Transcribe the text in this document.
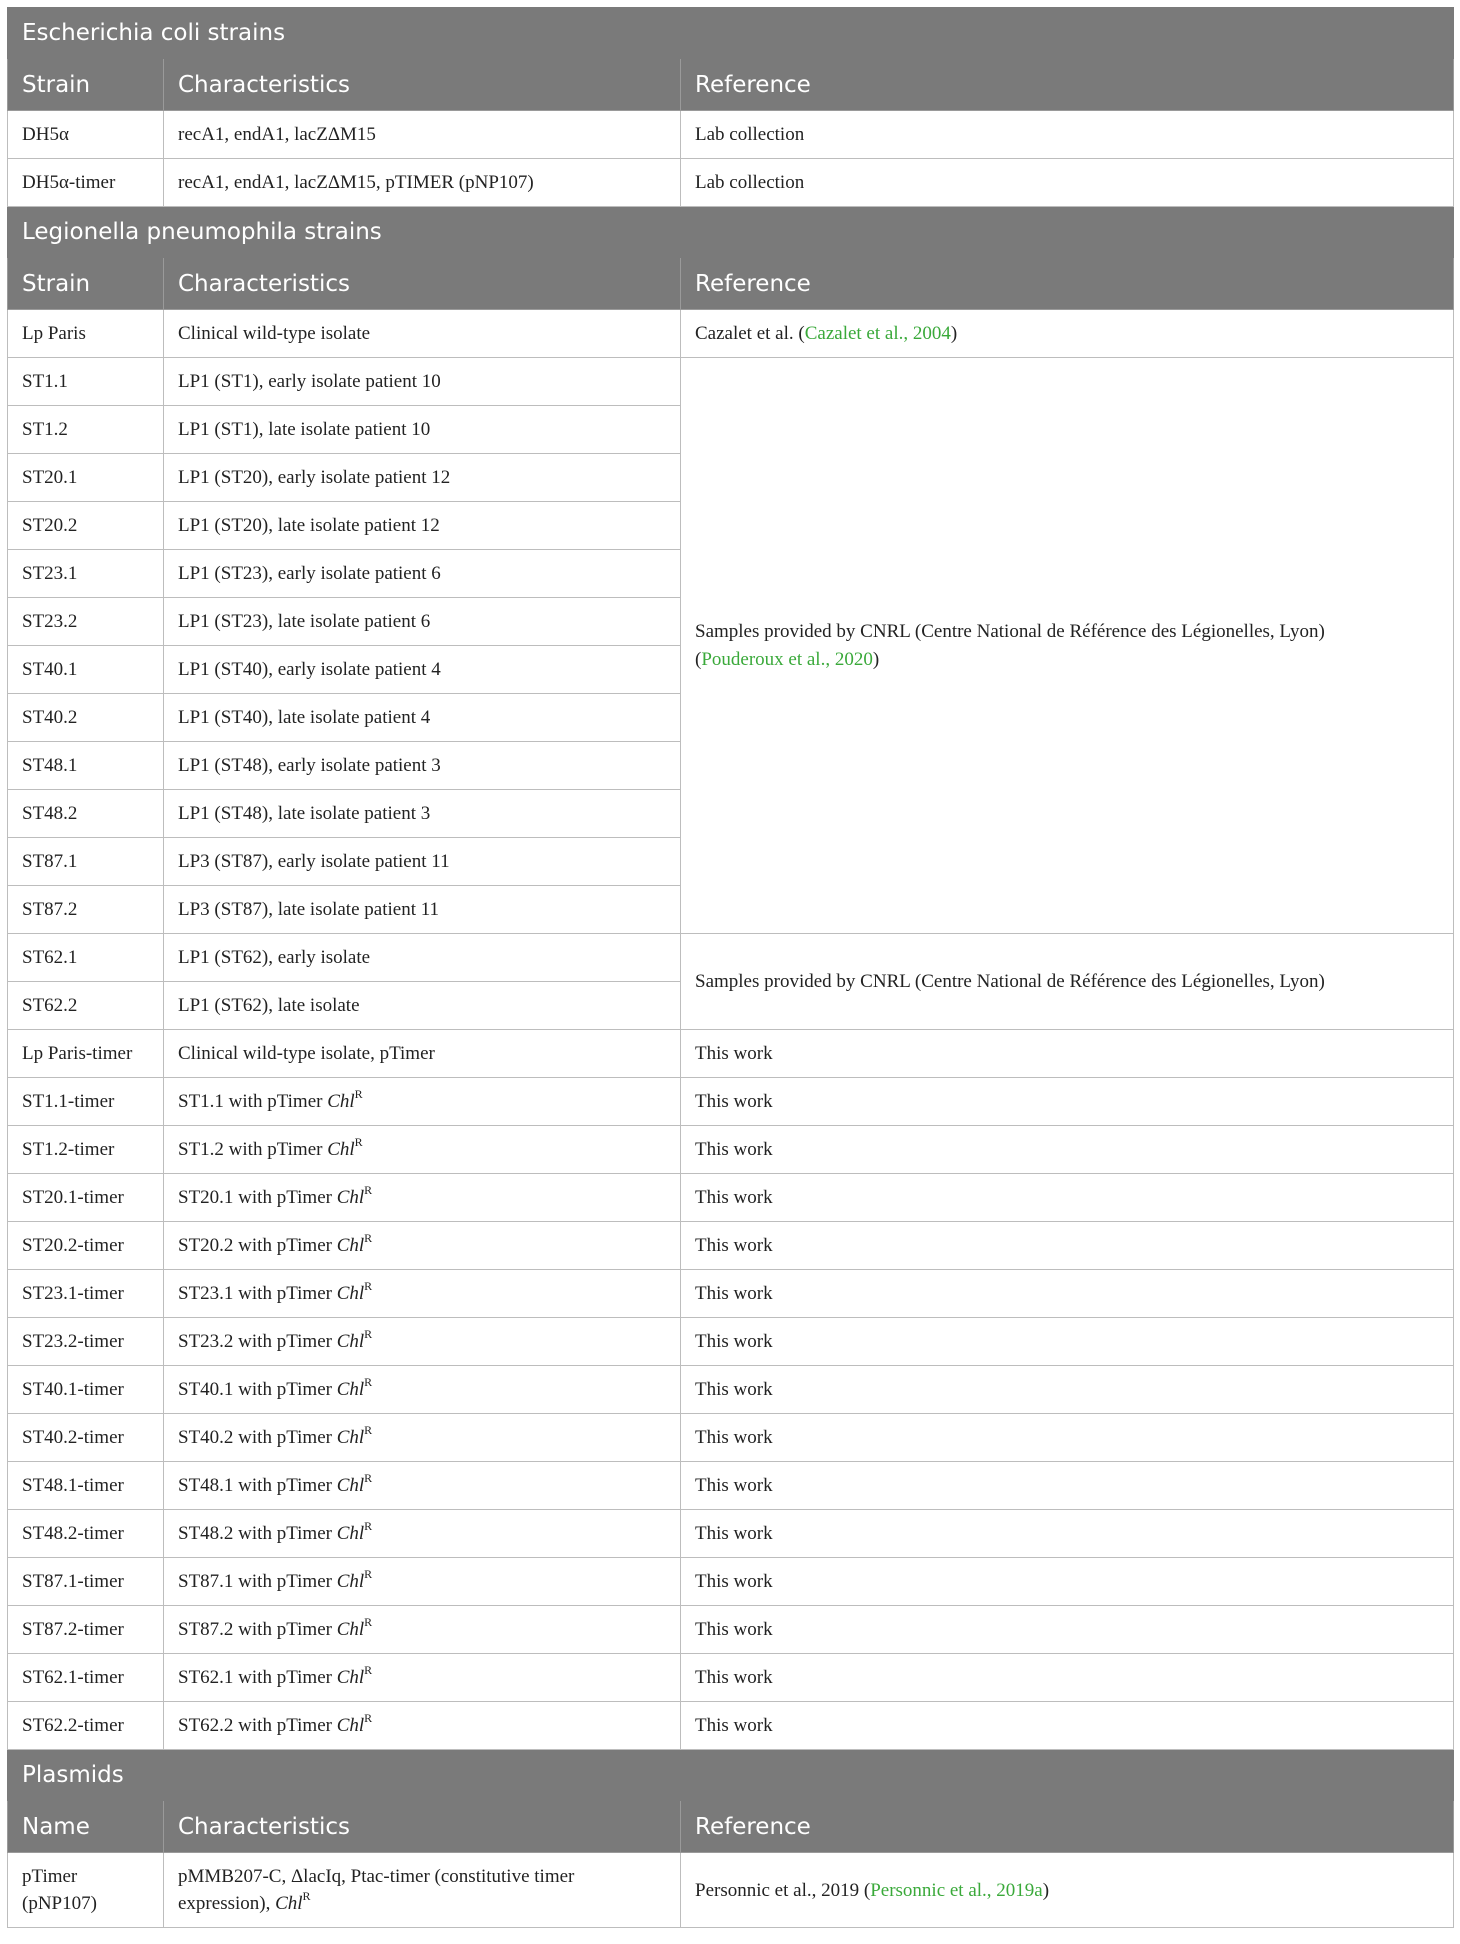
Escherichia coli strains		
Strain	Characteristics	Reference
DH5α	recA1, endA1, lacZΔM15	Lab collection
DH5α-timer	recA1, endA1, lacZΔM15, pTIMER (pNP107)	Lab collection
Legionella pneumophila strains		
Strain	Characteristics	Reference
Lp Paris	Clinical wild-type isolate	Cazalet et al. (Cazalet et al., 2004)
ST1.1	LP1 (ST1), early isolate patient 10	Samples provided by CNRL (Centre National de Référence des Légionelles, Lyon)
(Pouderoux et al., 2020)
ST1.2	LP1 (ST1), late isolate patient 10	
ST20.1	LP1 (ST20), early isolate patient 12	
ST20.2	LP1 (ST20), late isolate patient 12	
ST23.1	LP1 (ST23), early isolate patient 6	
ST23.2	LP1 (ST23), late isolate patient 6	
ST40.1	LP1 (ST40), early isolate patient 4	
ST40.2	LP1 (ST40), late isolate patient 4	
ST48.1	LP1 (ST48), early isolate patient 3	
ST48.2	LP1 (ST48), late isolate patient 3	
ST87.1	LP3 (ST87), early isolate patient 11	
ST87.2	LP3 (ST87), late isolate patient 11	
ST62.1	LP1 (ST62), early isolate	Samples provided by CNRL (Centre National de Référence des Légionelles, Lyon)
ST62.2	LP1 (ST62), late isolate	
Lp Paris-timer	Clinical wild-type isolate, pTimer	This work
ST1.1-timer	ST1.1 with pTimer Chl$^R$	This work
ST1.2-timer	ST1.2 with pTimer Chl$^R$	This work
ST20.1-timer	ST20.1 with pTimer Chl$^R$	This work
ST20.2-timer	ST20.2 with pTimer Chl$^R$	This work
ST23.1-timer	ST23.1 with pTimer Chl$^R$	This work
ST23.2-timer	ST23.2 with pTimer Chl$^R$	This work
ST40.1-timer	ST40.1 with pTimer Chl$^R$	This work
ST40.2-timer	ST40.2 with pTimer Chl$^R$	This work
ST48.1-timer	ST48.1 with pTimer Chl$^R$	This work
ST48.2-timer	ST48.2 with pTimer Chl$^R$	This work
ST87.1-timer	ST87.1 with pTimer Chl$^R$	This work
ST87.2-timer	ST87.2 with pTimer Chl$^R$	This work
ST62.1-timer	ST62.1 with pTimer Chl$^R$	This work
ST62.2-timer	ST62.2 with pTimer Chl$^R$	This work
Plasmids		
Name	Characteristics	Reference
pTimer (pNP107)	pMMB207-C, ΔlacIq, Ptac-timer (constitutive timer expression), Chl$^R$	Personnic et al., 2019 (Personnic et al., 2019a)
